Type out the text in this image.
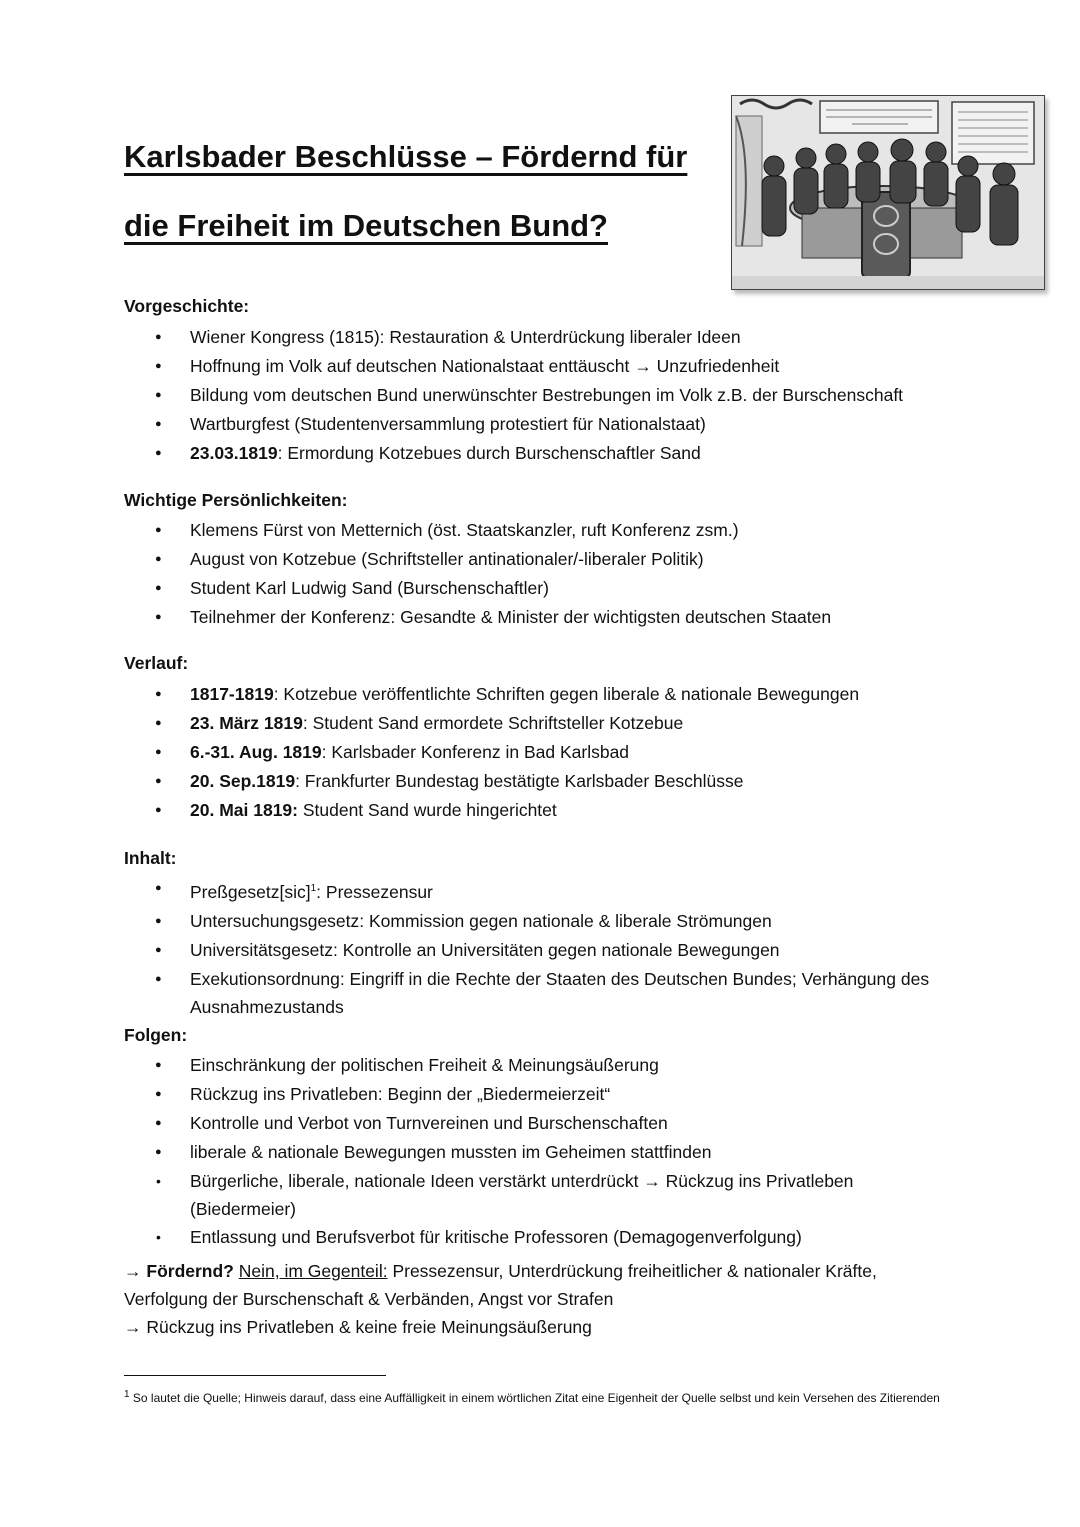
Karlsbader Beschlüsse – Fördernd für
die Freiheit im Deutschen Bund?
Vorgeschichte:
● Wiener Kongress (1815): Restauration & Unterdrückung liberaler Ideen
● Hoffnung im Volk auf deutschen Nationalstaat enttäuscht → Unzufriedenheit
● Bildung vom deutschen Bund unerwünschter Bestrebungen im Volk z.B. der Burschenschaft
● Wartburgfest (Studentenversammlung protestiert für Nationalstaat)
● 23.03.1819: Ermordung Kotzebues durch Burschenschaftler Sand
Wichtige Persönlichkeiten:
● Klemens Fürst von Metternich (öst. Staatskanzler, ruft Konferenz zsm.)
● August von Kotzebue (Schriftsteller antinationaler/-liberaler Politik)
● Student Karl Ludwig Sand (Burschenschaftler)
● Teilnehmer der Konferenz: Gesandte & Minister der wichtigsten deutschen Staaten
Verlauf:
● 1817-1819: Kotzebue veröffentlichte Schriften gegen liberale & nationale Bewegungen
● 23. März 1819: Student Sand ermordete Schriftsteller Kotzebue
● 6.-31. Aug. 1819: Karlsbader Konferenz in Bad Karlsbad
● 20. Sep.1819: Frankfurter Bundestag bestätigte Karlsbader Beschlüsse
● 20. Mai 1819: Student Sand wurde hingerichtet
Inhalt:
● Preßgesetz[sic]$^1$: Pressezensur
● Untersuchungsgesetz: Kommission gegen nationale & liberale Strömungen
● Universitätsgesetz: Kontrolle an Universitäten gegen nationale Bewegungen
● Exekutionsordnung: Eingriff in die Rechte der Staaten des Deutschen Bundes; Verhängung des
Ausnahmezustands
Folgen:
● Einschränkung der politischen Freiheit & Meinungsäußerung
● Rückzug ins Privatleben: Beginn der „Biedermeierzeit“
● Kontrolle und Verbot von Turnvereinen und Burschenschaften
● liberale & nationale Bewegungen mussten im Geheimen stattfinden
• Bürgerliche, liberale, nationale Ideen verstärkt unterdrückt → Rückzug ins Privatleben
(Biedermeier)
• Entlassung und Berufsverbot für kritische Professoren (Demagogenverfolgung)
→ Fördernd? Nein, im Gegenteil: Pressezensur, Unterdrückung freiheitlicher & nationaler Kräfte,
Verfolgung der Burschenschaft & Verbänden, Angst vor Strafen
→ Rückzug ins Privatleben & keine freie Meinungsäußerung
$^1$ So lautet die Quelle; Hinweis darauf, dass eine Auffälligkeit in einem wörtlichen Zitat eine Eigenheit der Quelle selbst und kein Versehen des Zitierenden
